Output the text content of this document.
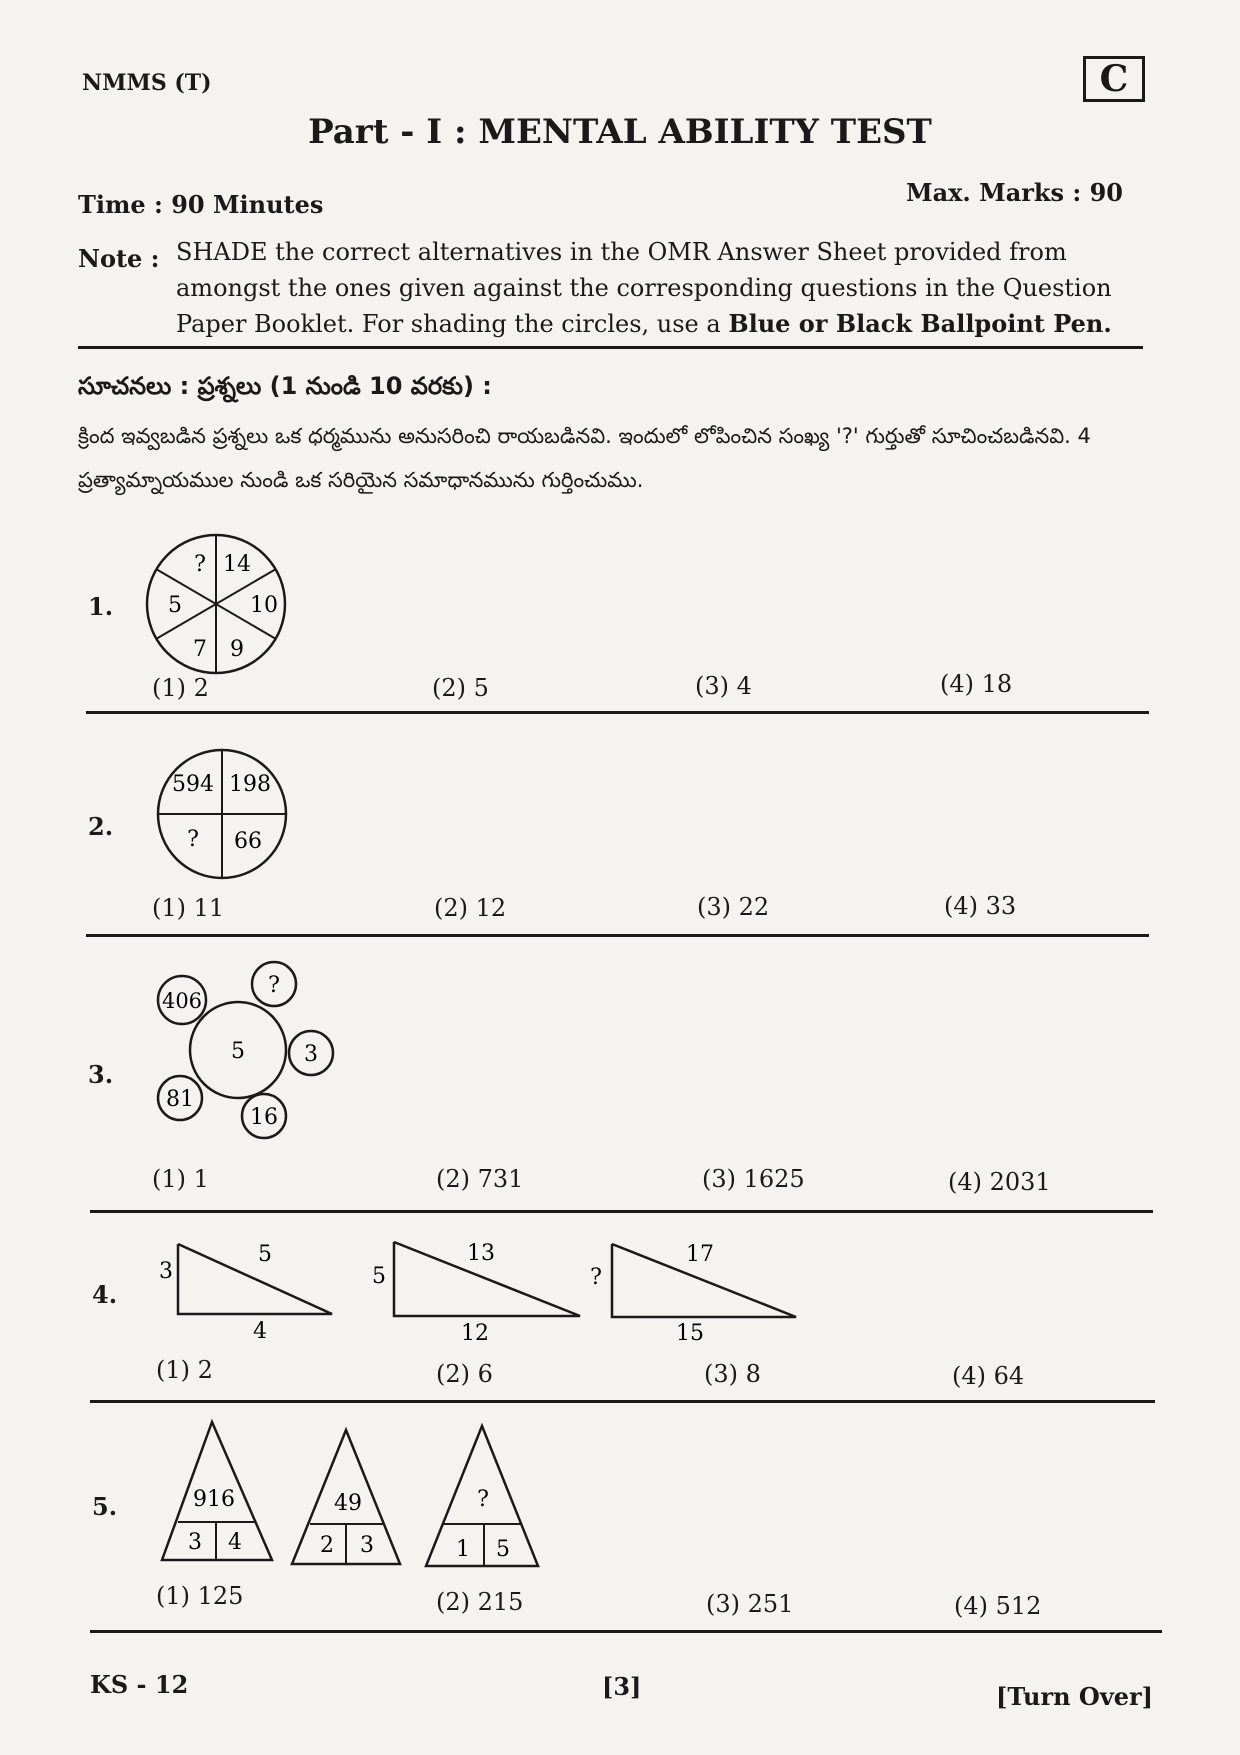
NMMS (T)	C
Part - I : MENTAL ABILITY TEST
Time : 90 Minutes	Max. Marks : 90
Note : SHADE the correct alternatives in the OMR Answer Sheet provided from amongst the ones given against the corresponding questions in the Question Paper Booklet. For shading the circles, use a Blue or Black Ballpoint Pen.
సూచనలు : ప్రశ్నలు (1 నుండి 10 వరకు) :
క్రింద ఇవ్వబడిన ప్రశ్నలు ఒక ధర్మమును అనుసరించి రాయబడినవి. ఇందులో లోపించిన సంఖ్య '?' గుర్తుతో సూచించబడినవి. 4 ప్రత్యామ్నాయముల నుండి ఒక సరియైన సమాధానమును గుర్తించుము.
1.
? 14
10
9
7
5
(1) 2	(2) 5	(3) 4	(4) 18
2.
594 198
? 66
(1) 11	(2) 12	(3) 22	(4) 33
3.
5
406
?
3
16
81
(1) 1	(2) 731	(3) 1625	(4) 2031
4.
3
5
4
5
13
12
?
17
15
(1) 2	(2) 6	(3) 8	(4) 64
5.	916
3 4
49
2 3
?
1 5
(1) 125	(2) 215	(3) 251	(4) 512
KS - 12	[3]	[Turn Over]
